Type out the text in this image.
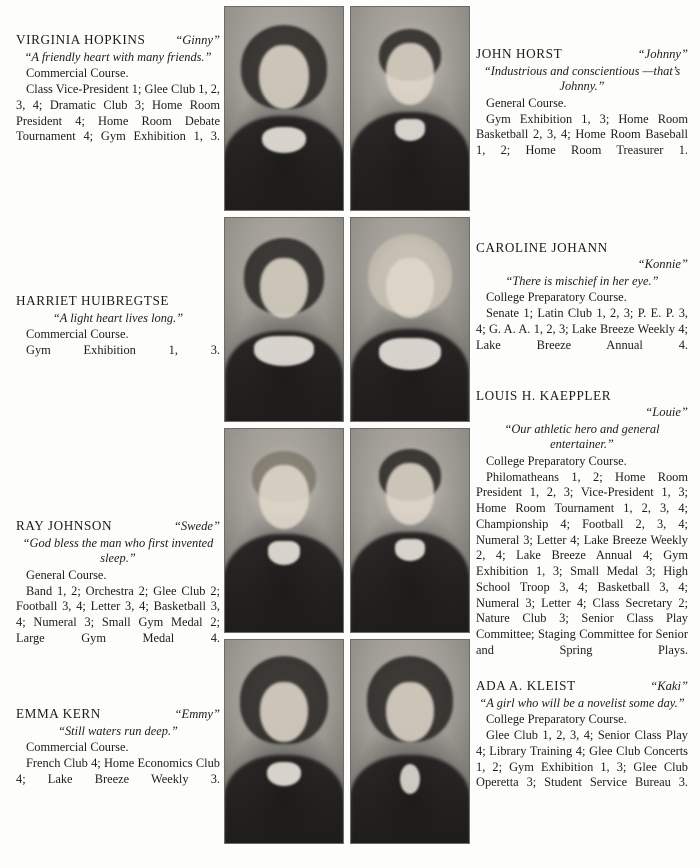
VIRGINIA HOPKINS “Ginny”
“A friendly heart with many friends.”
Commercial Course.
Class Vice-President 1; Glee Club 1, 2, 3, 4; Dramatic Club 3; Home Room President 4; Home Room Debate Tournament 4; Gym Exhibition 1, 3.
HARRIET HUIBREGTSE
“A light heart lives long.”
Commercial Course.
Gym Exhibition 1, 3.
RAY JOHNSON	“Swede”
“God bless the man who first invented sleep.”
General Course.
Band 1, 2; Orchestra 2; Glee Club 2; Football 3, 4; Letter 3, 4; Basketball 3, 4; Numeral 3; Small Gym Medal 2; Large Gym Medal 4.
EMMA KERN	“Emmy”
“Still waters run deep.”
Commercial Course.
French Club 4; Home Economics Club 4; Lake Breeze Weekly 3.
JOHN HORST	“Johnny”
“Industrious and conscientious —that’s Johnny.”
General Course.
Gym Exhibition 1, 3; Home Room Basketball 2, 3, 4; Home Room Baseball 1, 2; Home Room Treasurer 1.
CAROLINE JOHANN
“Konnie”
“There is mischief in her eye.”
College Preparatory Course.
Senate 1; Latin Club 1, 2, 3; P. E. P. 3, 4; G. A. A. 1, 2, 3; Lake Breeze Weekly 4; Lake Breeze Annual 4.
LOUIS H. KAEPPLER
“Louie”
“Our athletic hero and general entertainer.”
College Preparatory Course.
Philomatheans 1, 2; Home Room President 1, 2, 3; Vice-President 1, 3; Home Room Tournament 1, 2, 3, 4; Championship 4; Football 2, 3, 4; Numeral 3; Letter 4; Lake Breeze Weekly 2, 4; Lake Breeze Annual 4; Gym Exhibition 1, 3; Small Medal 3; High School Troop 3, 4; Basketball 3, 4; Numeral 3; Letter 4; Class Secretary 2; Nature Club 3; Senior Class Play Committee; Staging Committee for Senior and Spring Plays.
ADA A. KLEIST	“Kaki”
“A girl who will be a novelist some day.”
College Preparatory Course.
Glee Club 1, 2, 3, 4; Senior Class Play 4; Library Training 4; Glee Club Concerts 1, 2; Gym Exhibition 1, 3; Glee Club Operetta 3; Student Service Bureau 3.
